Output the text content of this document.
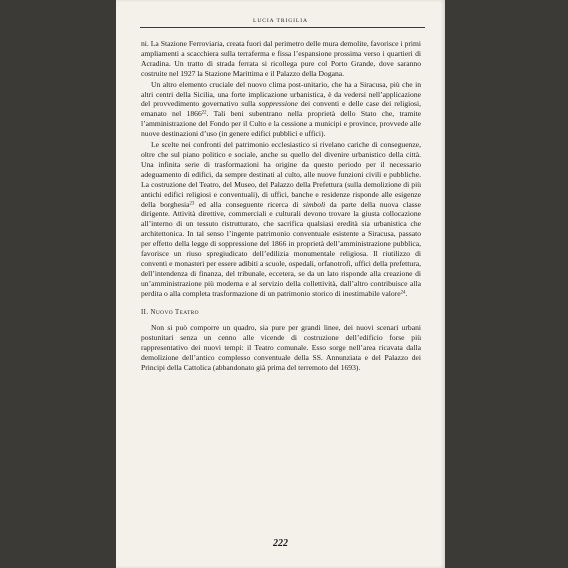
LUCIA TRIGILIA

ni. La Stazione Ferroviaria, creata fuori dal perimetro delle mura demolite, favorisce i primi ampliamenti a scacchiera sulla terraferma e fissa l’espansione prossima verso i quartieri di Acradina. Un tratto di strada ferrata si ricollega pure col Porto Grande, dove saranno costruite nel 1927 la Stazione Marittima e il Palazzo della Dogana.

Un altro elemento cruciale del nuovo clima post-unitario, che ha a Siracusa, più che in altri centri della Sicilia, una forte implicazione urbanistica, è da vedersi nell’applicazione del provvedimento governativo sulla soppressione dei conventi e delle case dei religiosi, emanato nel 1866$^{22}$. Tali beni subentrano nella proprietà dello Stato che, tramite l’amministrazione del Fondo per il Culto e la cessione a municipi e province, provvede alle nuove destinazioni d’uso (in genere edifici pubblici e uffici).

Le scelte nei confronti del patrimonio ecclesiastico si rivelano cariche di conseguenze, oltre che sul piano politico e sociale, anche su quello del divenire urbanistico della città. Una infinita serie di trasformazioni ha origine da questo periodo per il necessario adeguamento di edifici, da sempre destinati al culto, alle nuove funzioni civili e pubbliche. La costruzione del Teatro, del Museo, del Palazzo della Prefettura (sulla demolizione di più antichi edifici religiosi e conventuali), di uffici, banche e residenze risponde alle esigenze della borghesia$^{23}$ ed alla conseguente ricerca di simboli da parte della nuova classe dirigente. Attività direttive, commerciali e culturali devono trovare la giusta collocazione all’interno di un tessuto ristrutturato, che sacrifica qualsiasi eredità sia urbanistica che architettonica. In tal senso l’ingente patrimonio conventuale esistente a Siracusa, passato per effetto della legge di soppressione del 1866 in proprietà dell’amministrazione pubblica, favorisce un riuso spregiudicato dell’edilizia monumentale religiosa. Il riutilizzo di conventi e monasteri per essere adibiti a scuole, ospedali, orfanotrofi, uffici della prefettura, dell’intendenza di finanza, del tribunale, eccetera, se da un lato risponde alla creazione di un’amministrazione più moderna e al servizio della collettività, dall’altro contribuisce alla perdita o alla completa trasformazione di un patrimonio storico di inestimabile valore$^{24}$.

II. NUOVO TEATRO

Non si può comporre un quadro, sia pure per grandi linee, dei nuovi scenari urbani postunitari senza un cenno alle vicende di costruzione dell’edificio forse più rappresentativo dei nuovi tempi: il Teatro comunale. Esso sorge nell’area ricavata dalla demolizione dell’antico complesso conventuale della SS. Annunziata e del Palazzo dei Principi della Cattolica (abbandonato già prima del terremoto del 1693).

222
